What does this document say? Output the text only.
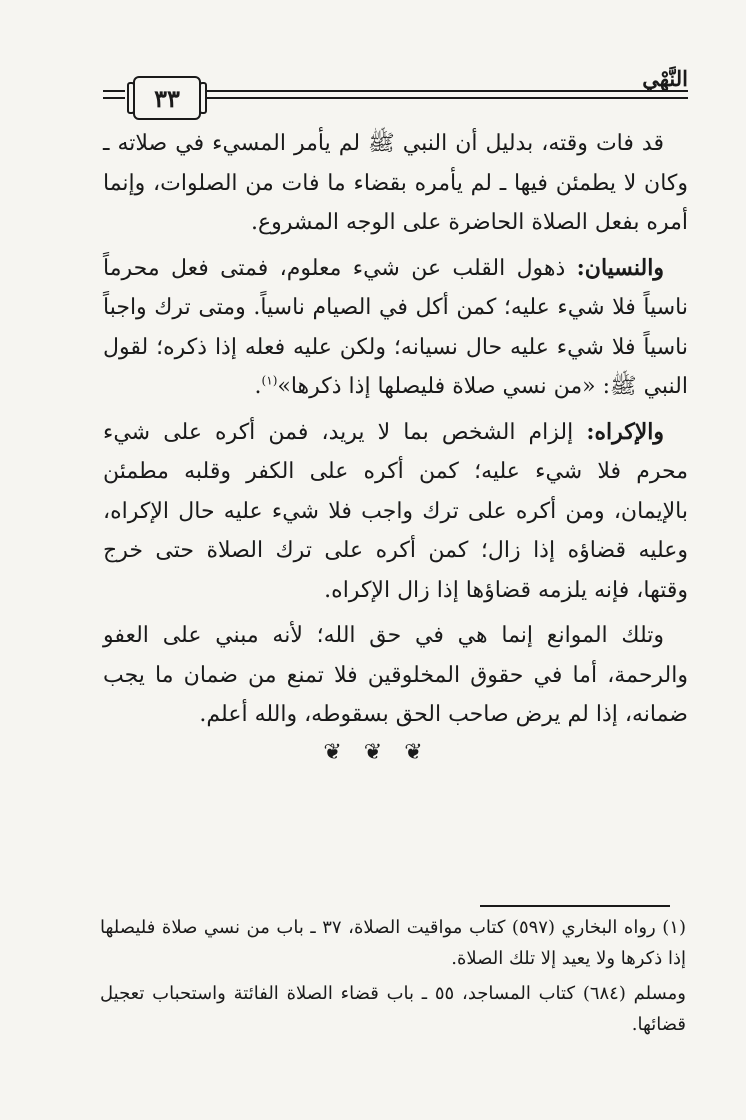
النَّهْي
٣٣

قد فات وقته، بدليل أن النبي ﷺ لم يأمر المسيء في صلاته ـ وكان لا يطمئن فيها ـ لم يأمره بقضاء ما فات من الصلوات، وإنما أمره بفعل الصلاة الحاضرة على الوجه المشروع.

والنسيان: ذهول القلب عن شيء معلوم، فمتى فعل محرماً ناسياً فلا شيء عليه؛ كمن أكل في الصيام ناسياً. ومتى ترك واجباً ناسياً فلا شيء عليه حال نسيانه؛ ولكن عليه فعله إذا ذكره؛ لقول النبي ﷺ: «من نسي صلاة فليصلها إذا ذكرها»$^{(١)}$.

والإكراه: إلزام الشخص بما لا يريد، فمن أكره على شيء محرم فلا شيء عليه؛ كمن أكره على الكفر وقلبه مطمئن بالإيمان، ومن أكره على ترك واجب فلا شيء عليه حال الإكراه، وعليه قضاؤه إذا زال؛ كمن أكره على ترك الصلاة حتى خرج وقتها، فإنه يلزمه قضاؤها إذا زال الإكراه.

وتلك الموانع إنما هي في حق الله؛ لأنه مبني على العفو والرحمة، أما في حقوق المخلوقين فلا تمنع من ضمان ما يجب ضمانه، إذا لم يرض صاحب الحق بسقوطه، والله أعلم.

❦ ❦ ❦

(١) رواه البخاري (٥٩٧) كتاب مواقيت الصلاة، ٣٧ ـ باب من نسي صلاة فليصلها إذا ذكرها ولا يعيد إلا تلك الصلاة.

ومسلم (٦٨٤) كتاب المساجد، ٥٥ ـ باب قضاء الصلاة الفائتة واستحباب تعجيل قضائها.
